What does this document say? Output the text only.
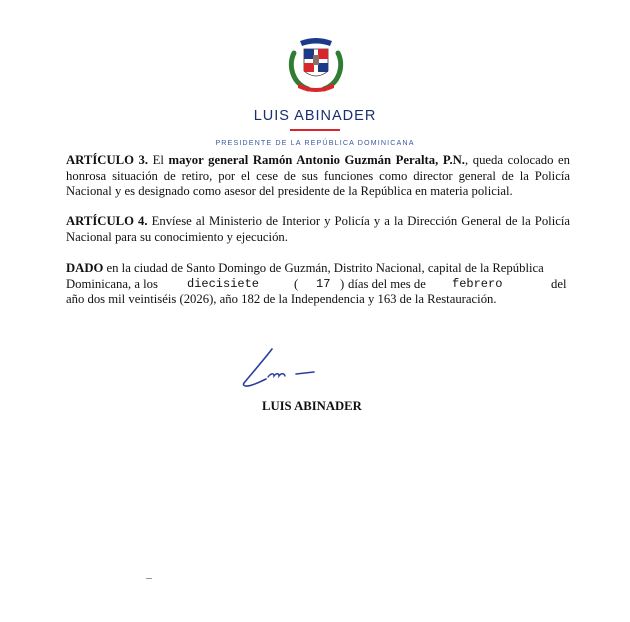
LUIS ABINADER
PRESIDENTE DE LA REPÚBLICA DOMINICANA
ARTÍCULO 3. El mayor general Ramón Antonio Guzmán Peralta, P.N., queda colocado en honrosa situación de retiro, por el cese de sus funciones como director general de la Policía Nacional y es designado como asesor del presidente de la República en materia policial.
ARTÍCULO 4. Envíese al Ministerio de Interior y Policía y a la Dirección General de la Policía Nacional para su conocimiento y ejecución.
DADO en la ciudad de Santo Domingo de Guzmán, Distrito Nacional, capital de la República
Dominicana, a los diecisiete	( 17 ) días del mes de febrero	del
año dos mil veintiséis (2026), año 182 de la Independencia y 163 de la Restauración.
LUIS ABINADER
